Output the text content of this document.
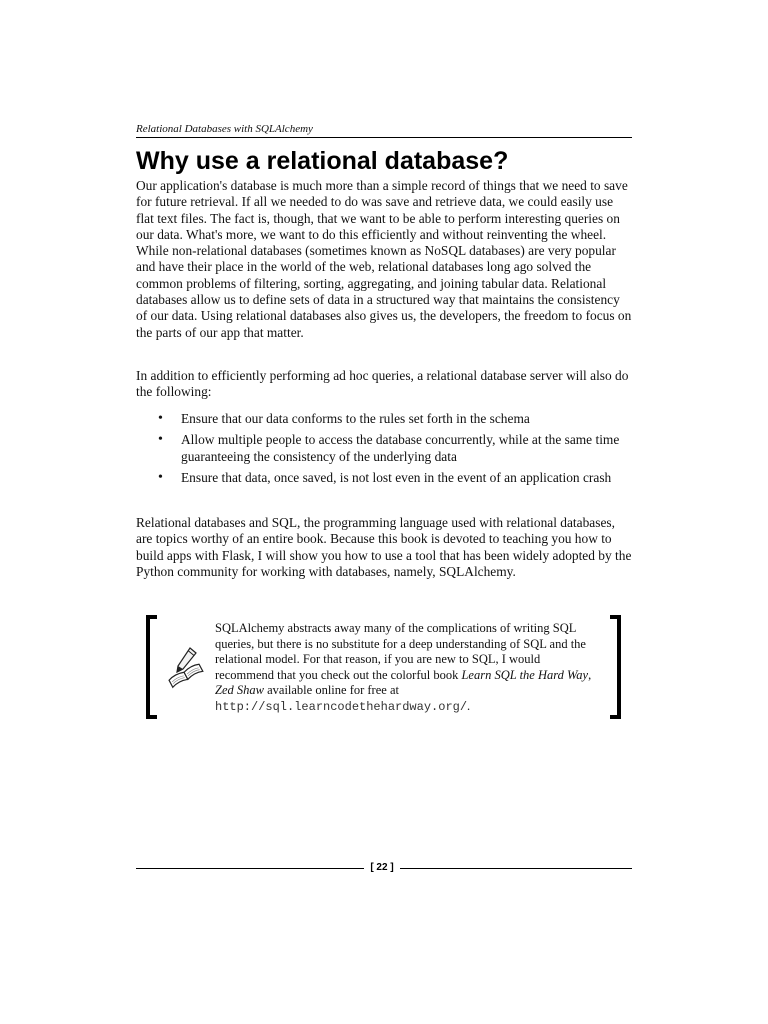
Relational Databases with SQLAlchemy
Why use a relational database?

Our application's database is much more than a simple record of things that we need to save for future retrieval. If all we needed to do was save and retrieve data, we could easily use flat text files. The fact is, though, that we want to be able to perform interesting queries on our data. What's more, we want to do this efficiently and without reinventing the wheel. While non-relational databases (sometimes known as NoSQL databases) are very popular and have their place in the world of the web, relational databases long ago solved the common problems of filtering, sorting, aggregating, and joining tabular data. Relational databases allow us to define sets of data in a structured way that maintains the consistency of our data. Using relational databases also gives us, the developers, the freedom to focus on the parts of our app that matter.

In addition to efficiently performing ad hoc queries, a relational database server will also do the following:

• Ensure that our data conforms to the rules set forth in the schema
• Allow multiple people to access the database concurrently, while at the same time guaranteeing the consistency of the underlying data
• Ensure that data, once saved, is not lost even in the event of an application crash

Relational databases and SQL, the programming language used with relational databases, are topics worthy of an entire book. Because this book is devoted to teaching you how to build apps with Flask, I will show you how to use a tool that has been widely adopted by the Python community for working with databases, namely, SQLAlchemy.

SQLAlchemy abstracts away many of the complications of writing SQL queries, but there is no substitute for a deep understanding of SQL and the relational model. For that reason, if you are new to SQL, I would recommend that you check out the colorful book Learn SQL the Hard Way, Zed Shaw available online for free at http://sql.learncodethehardway.org/.

[ 22 ]
